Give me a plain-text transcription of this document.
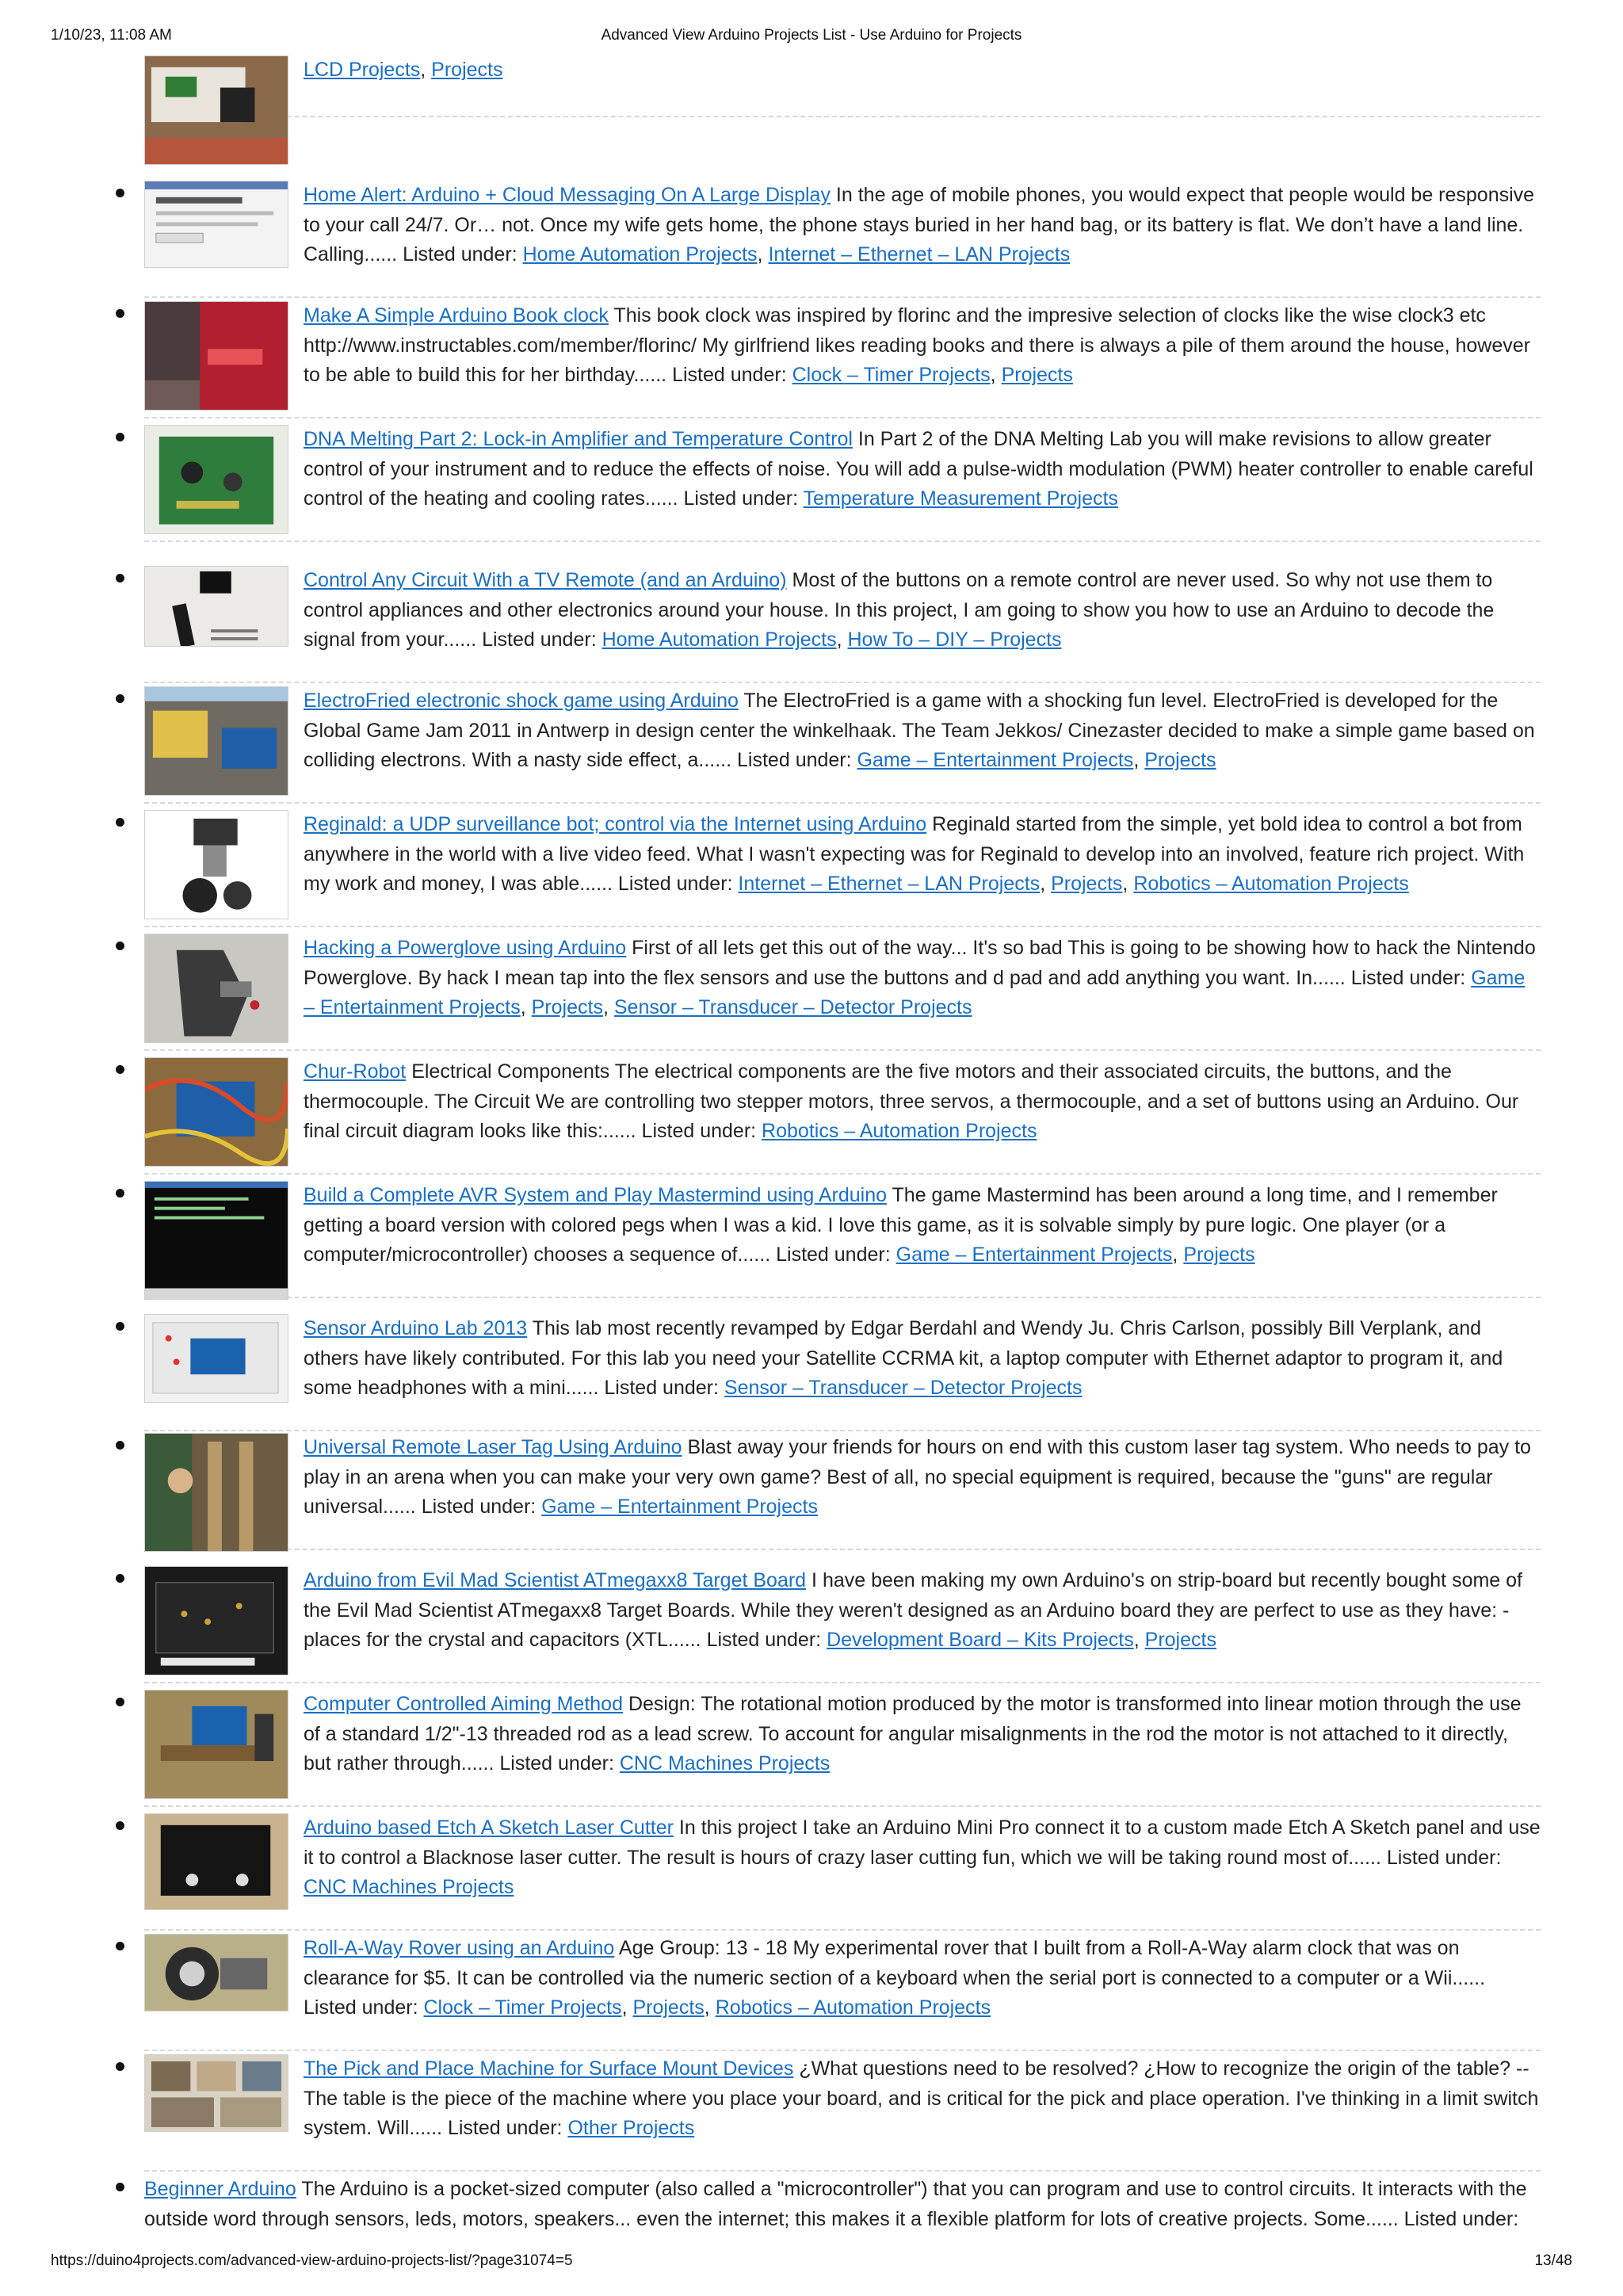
1/10/23, 11:08 AM	Advanced View Arduino Projects List - Use Arduino for Projects
LCD Projects, Projects
Home Alert: Arduino + Cloud Messaging On A Large Display In the age of mobile phones, you would expect that people would be responsive to your call 24/7. Or… not. Once my wife gets home, the phone stays buried in her hand bag, or its battery is flat. We don’t have a land line. Calling...... Listed under: Home Automation Projects, Internet – Ethernet – LAN Projects
Make A Simple Arduino Book clock This book clock was inspired by florinc and the impresive selection of clocks like the wise clock3 etc http://www.instructables.com/member/florinc/ My girlfriend likes reading books and there is always a pile of them around the house, however to be able to build this for her birthday...... Listed under: Clock – Timer Projects, Projects
DNA Melting Part 2: Lock-in Amplifier and Temperature Control In Part 2 of the DNA Melting Lab you will make revisions to allow greater control of your instrument and to reduce the effects of noise. You will add a pulse-width modulation (PWM) heater controller to enable careful control of the heating and cooling rates...... Listed under: Temperature Measurement Projects
Control Any Circuit With a TV Remote (and an Arduino) Most of the buttons on a remote control are never used. So why not use them to control appliances and other electronics around your house. In this project, I am going to show you how to use an Arduino to decode the signal from your...... Listed under: Home Automation Projects, How To – DIY – Projects
ElectroFried electronic shock game using Arduino The ElectroFried is a game with a shocking fun level. ElectroFried is developed for the Global Game Jam 2011 in Antwerp in design center the winkelhaak. The Team Jekkos/ Cinezaster decided to make a simple game based on colliding electrons. With a nasty side effect, a...... Listed under: Game – Entertainment Projects, Projects
Reginald: a UDP surveillance bot; control via the Internet using Arduino Reginald started from the simple, yet bold idea to control a bot from anywhere in the world with a live video feed. What I wasn't expecting was for Reginald to develop into an involved, feature rich project. With my work and money, I was able...... Listed under: Internet – Ethernet – LAN Projects, Projects, Robotics – Automation Projects
Hacking a Powerglove using Arduino First of all lets get this out of the way... It's so bad This is going to be showing how to hack the Nintendo Powerglove. By hack I mean tap into the flex sensors and use the buttons and d pad and add anything you want. In...... Listed under: Game – Entertainment Projects, Projects, Sensor – Transducer – Detector Projects
Chur-Robot Electrical Components The electrical components are the five motors and their associated circuits, the buttons, and the thermocouple. The Circuit We are controlling two stepper motors, three servos, a thermocouple, and a set of buttons using an Arduino. Our final circuit diagram looks like this:...... Listed under: Robotics – Automation Projects
Build a Complete AVR System and Play Mastermind using Arduino The game Mastermind has been around a long time, and I remember getting a board version with colored pegs when I was a kid. I love this game, as it is solvable simply by pure logic. One player (or a computer/microcontroller) chooses a sequence of...... Listed under: Game – Entertainment Projects, Projects
Sensor Arduino Lab 2013 This lab most recently revamped by Edgar Berdahl and Wendy Ju. Chris Carlson, possibly Bill Verplank, and others have likely contributed. For this lab you need your Satellite CCRMA kit, a laptop computer with Ethernet adaptor to program it, and some headphones with a mini...... Listed under: Sensor – Transducer – Detector Projects
Universal Remote Laser Tag Using Arduino Blast away your friends for hours on end with this custom laser tag system. Who needs to pay to play in an arena when you can make your very own game? Best of all, no special equipment is required, because the "guns" are regular universal...... Listed under: Game – Entertainment Projects
Arduino from Evil Mad Scientist ATmegaxx8 Target Board I have been making my own Arduino's on strip-board but recently bought some of the Evil Mad Scientist ATmegaxx8 Target Boards. While they weren't designed as an Arduino board they are perfect to use as they have: - places for the crystal and capacitors (XTL...... Listed under: Development Board – Kits Projects, Projects
Computer Controlled Aiming Method Design: The rotational motion produced by the motor is transformed into linear motion through the use of a standard 1/2"-13 threaded rod as a lead screw. To account for angular misalignments in the rod the motor is not attached to it directly, but rather through...... Listed under: CNC Machines Projects
Arduino based Etch A Sketch Laser Cutter In this project I take an Arduino Mini Pro connect it to a custom made Etch A Sketch panel and use it to control a Blacknose laser cutter. The result is hours of crazy laser cutting fun, which we will be taking round most of...... Listed under: CNC Machines Projects
Roll-A-Way Rover using an Arduino Age Group: 13 - 18 My experimental rover that I built from a Roll-A-Way alarm clock that was on clearance for $5. It can be controlled via the numeric section of a keyboard when the serial port is connected to a computer or a Wii...... Listed under: Clock – Timer Projects, Projects, Robotics – Automation Projects
The Pick and Place Machine for Surface Mount Devices ¿What questions need to be resolved? ¿How to recognize the origin of the table? -- The table is the piece of the machine where you place your board, and is critical for the pick and place operation. I've thinking in a limit switch system. Will...... Listed under: Other Projects
Beginner Arduino The Arduino is a pocket-sized computer (also called a "microcontroller") that you can program and use to control circuits. It interacts with the outside word through sensors, leds, motors, speakers... even the internet; this makes it a flexible platform for lots of creative projects. Some...... Listed under:
https://duino4projects.com/advanced-view-arduino-projects-list/?page31074=5	13/48
